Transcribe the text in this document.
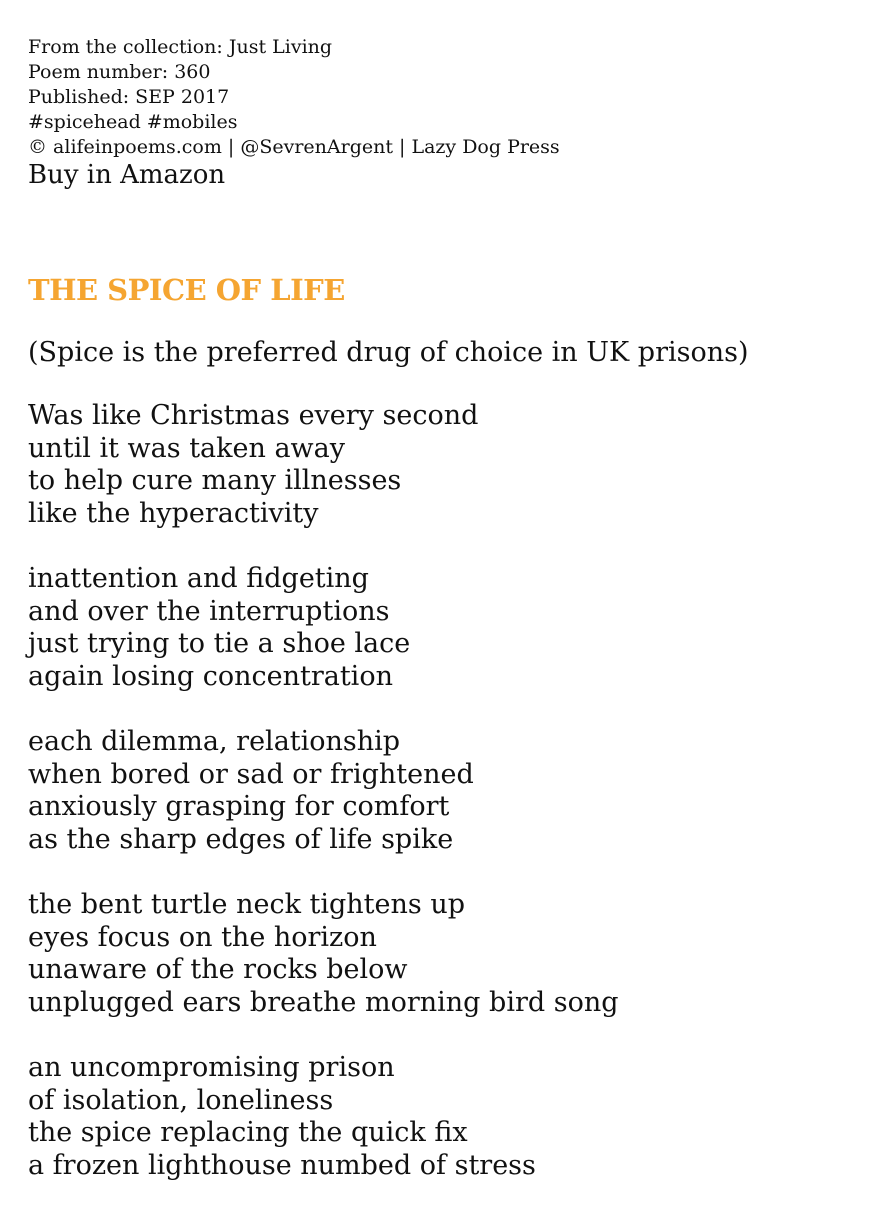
From the collection: Just Living
Poem number: 360
Published: SEP 2017
#spicehead #mobiles
© alifeinpoems.com | @SevrenArgent | Lazy Dog Press
Buy in Amazon
THE SPICE OF LIFE
(Spice is the preferred drug of choice in UK prisons)
Was like Christmas every second
until it was taken away
to help cure many illnesses
like the hyperactivity
inattention and fidgeting
and over the interruptions
just trying to tie a shoe lace
again losing concentration
each dilemma, relationship
when bored or sad or frightened
anxiously grasping for comfort
as the sharp edges of life spike
the bent turtle neck tightens up
eyes focus on the horizon
unaware of the rocks below
unplugged ears breathe morning bird song
an uncompromising prison
of isolation, loneliness
the spice replacing the quick fix
a frozen lighthouse numbed of stress
